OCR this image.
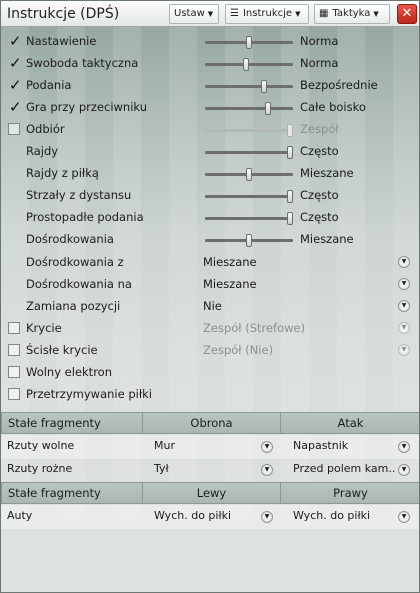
Instrukcje (DPŚ)	Ustaw ▼	☰ Instrukcje ▼	▦ Taktyka ▼	✕
✓ Nastawienie	Norma
✓ Swoboda taktyczna	Norma
✓ Podania	Bezpośrednie
✓ Gra przy przeciwniku	Całe boisko
Odbiór	Zespół
Rajdy	Często
Rajdy z piłką	Mieszane
Strzały z dystansu	Często
Prostopadłe podania	Często
Dośrodkowania	Mieszane
Dośrodkowania z	Mieszane	▼
Dośrodkowania na	Mieszane	▼
Zamiana pozycji	Nie	▼
Krycie	Zespół (Strefowe)	▼
Ścisłe krycie	Zespół (Nie)	▼
Wolny elektron
Przetrzymywanie piłki
Stałe fragmenty	Obrona	Atak
Rzuty wolne	Mur	▼	Napastnik	▼
Rzuty rożne	Tył	▼	Przed polem kam..	▼
Stałe fragmenty	Lewy	Prawy
Auty	Wych. do piłki	▼	Wych. do piłki	▼
